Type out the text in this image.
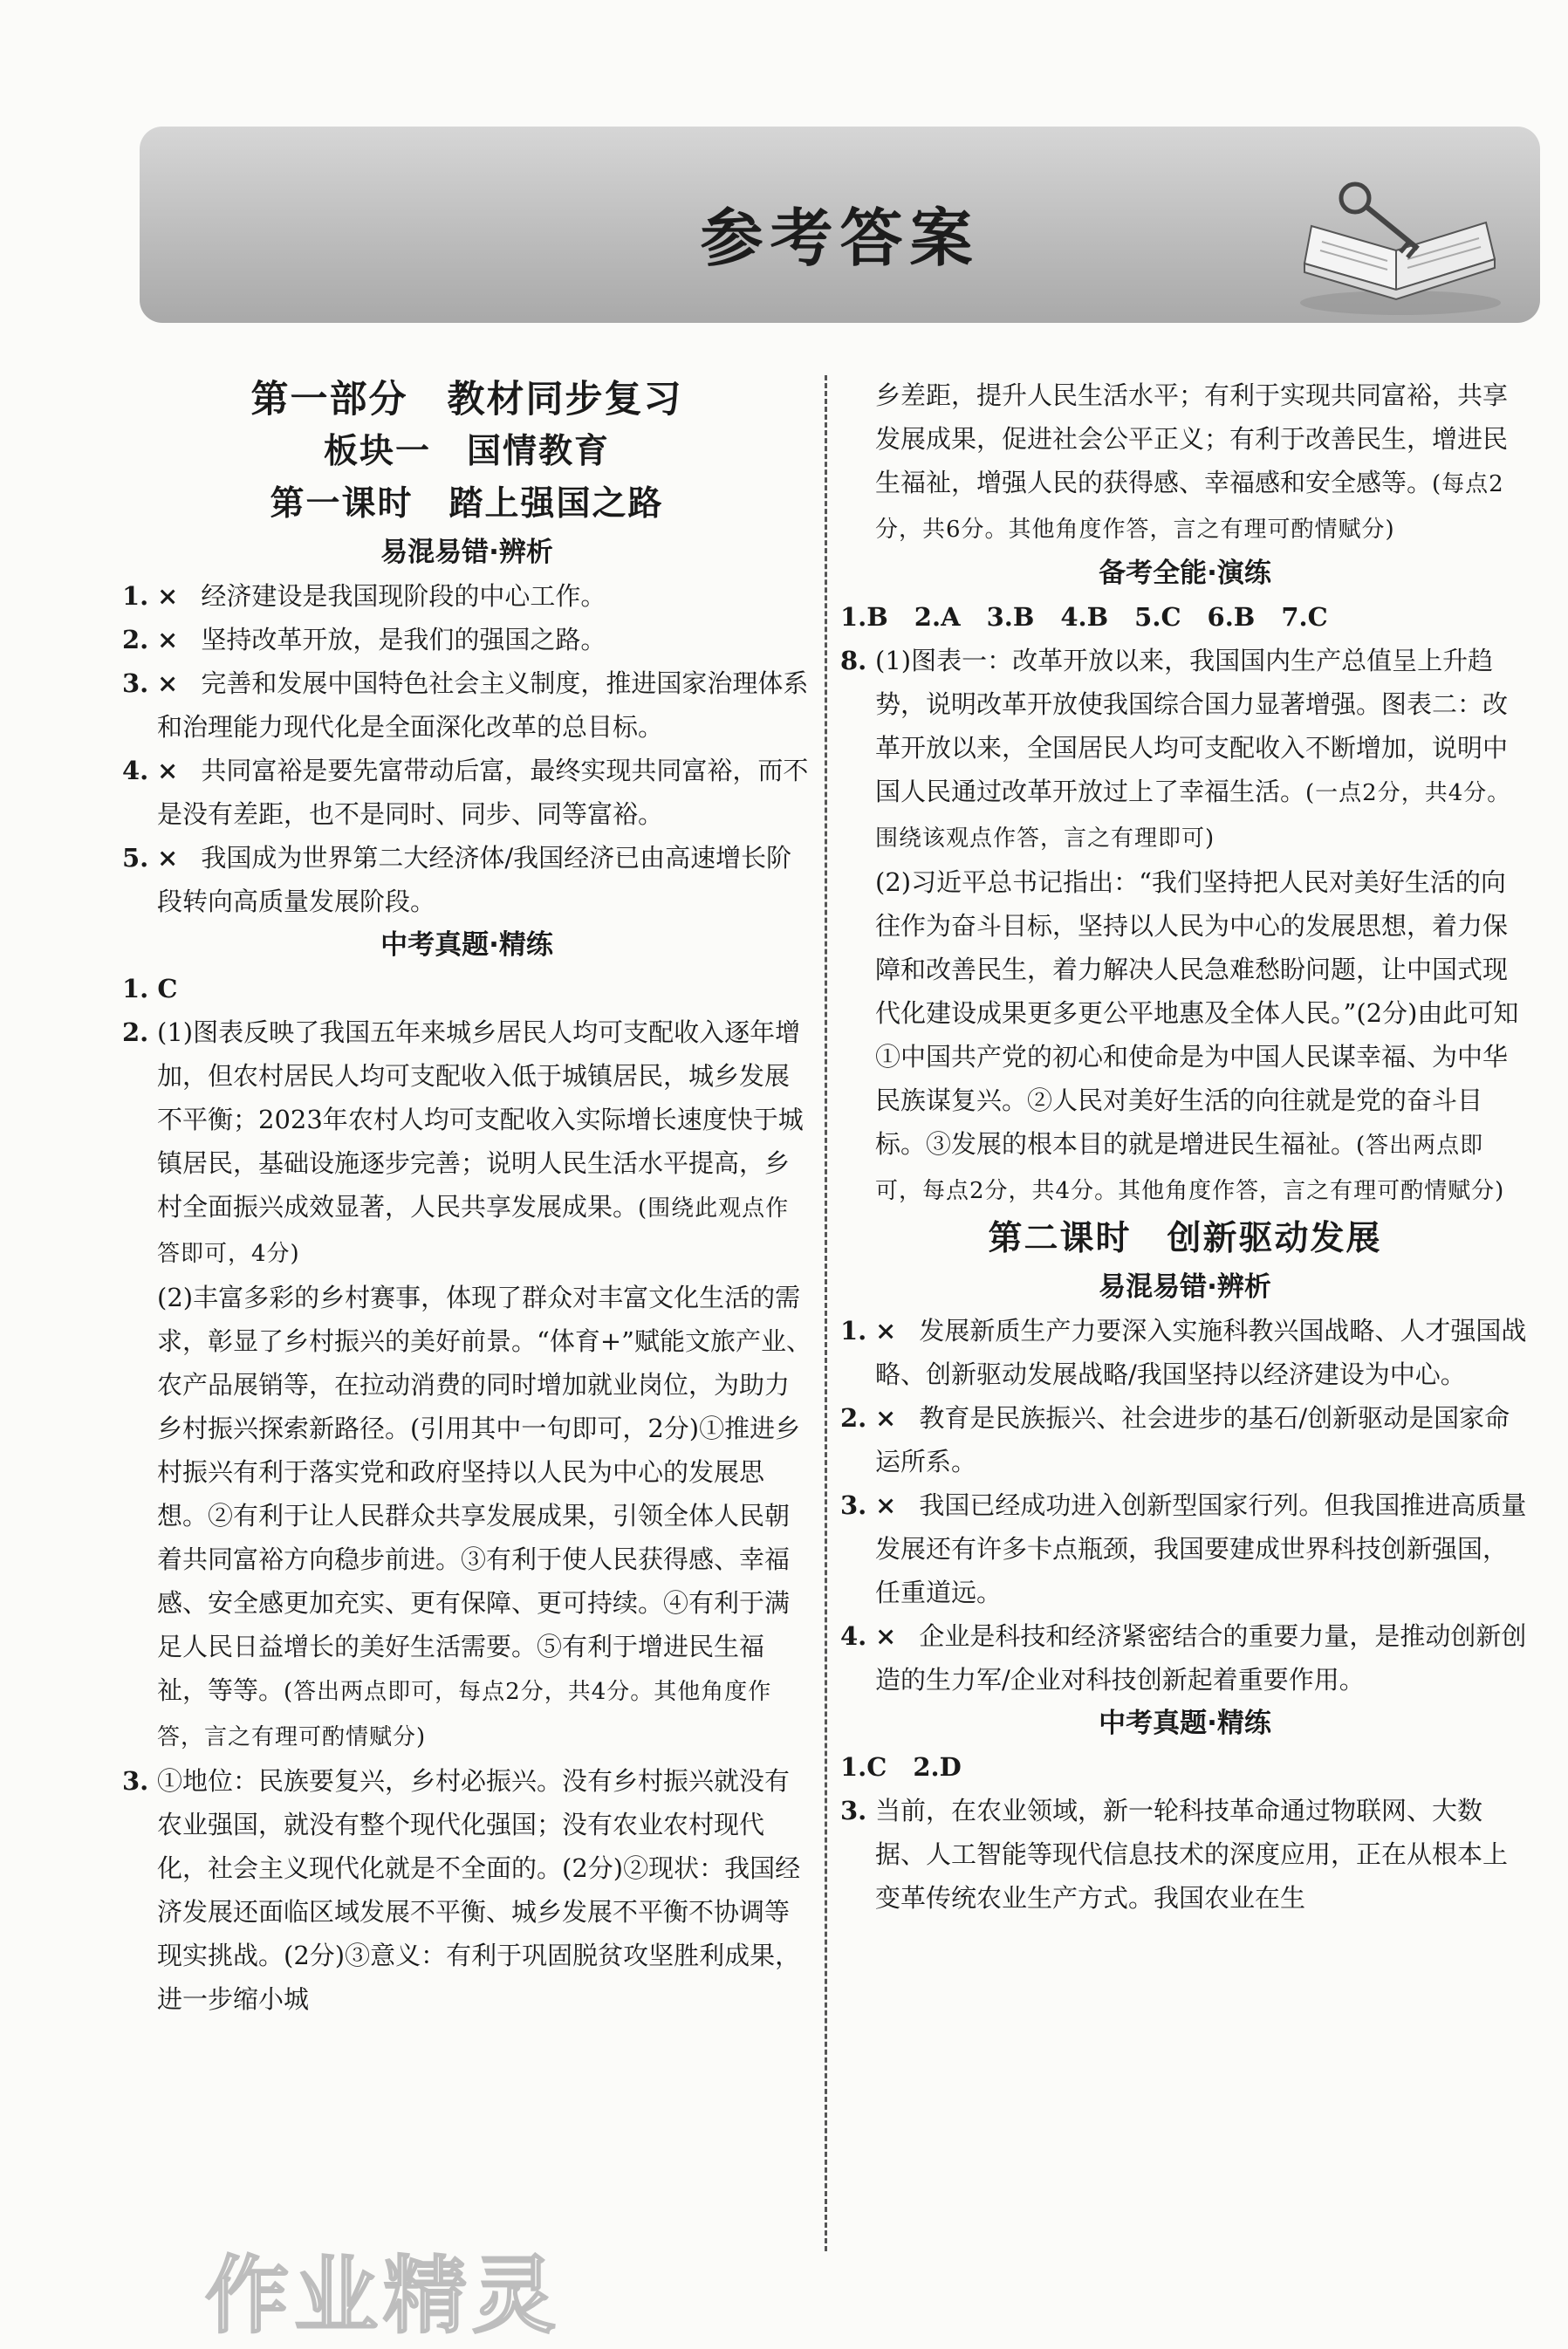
参考答案

第一部分　教材同步复习

板块一　国情教育

第一课时　踏上强国之路

易混易错·辨析

1. × 经济建设是我国现阶段的中心工作。
2. × 坚持改革开放，是我们的强国之路。
3. × 完善和发展中国特色社会主义制度，推进国家治理体系和治理能力现代化是全面深化改革的总目标。
4. × 共同富裕是要先富带动后富，最终实现共同富裕，而不是没有差距，也不是同时、同步、同等富裕。
5. × 我国成为世界第二大经济体/我国经济已由高速增长阶段转向高质量发展阶段。

中考真题·精练

1. C

2. (1)图表反映了我国五年来城乡居民人均可支配收入逐年增加，但农村居民人均可支配收入低于城镇居民，城乡发展不平衡；2023年农村人均可支配收入实际增长速度快于城镇居民，基础设施逐步完善；说明人民生活水平提高，乡村全面振兴成效显著，人民共享发展成果。(围绕此观点作答即可，4分)
(2)丰富多彩的乡村赛事，体现了群众对丰富文化生活的需求，彰显了乡村振兴的美好前景。“体育+”赋能文旅产业、农产品展销等，在拉动消费的同时增加就业岗位，为助力乡村振兴探索新路径。(引用其中一句即可，2分)①推进乡村振兴有利于落实党和政府坚持以人民为中心的发展思想。②有利于让人民群众共享发展成果，引领全体人民朝着共同富裕方向稳步前进。③有利于使人民获得感、幸福感、安全感更加充实、更有保障、更可持续。④有利于满足人民日益增长的美好生活需要。⑤有利于增进民生福祉，等等。(答出两点即可，每点2分，共4分。其他角度作答，言之有理可酌情赋分)
3. ①地位：民族要复兴，乡村必振兴。没有乡村振兴就没有农业强国，就没有整个现代化强国；没有农业农村现代化，社会主义现代化就是不全面的。(2分)②现状：我国经济发展还面临区域发展不平衡、城乡发展不平衡不协调等现实挑战。(2分)③意义：有利于巩固脱贫攻坚胜利成果，进一步缩小城
乡差距，提升人民生活水平；有利于实现共同富裕，共享发展成果，促进社会公平正义；有利于改善民生，增进民生福祉，增强人民的获得感、幸福感和安全感等。(每点2分，共6分。其他角度作答，言之有理可酌情赋分)

备考全能·演练

1.B 2.A 3.B 4.B 5.C 6.B 7.C

8. (1)图表一：改革开放以来，我国国内生产总值呈上升趋势，说明改革开放使我国综合国力显著增强。图表二：改革开放以来，全国居民人均可支配收入不断增加，说明中国人民通过改革开放过上了幸福生活。(一点2分，共4分。围绕该观点作答，言之有理即可)
(2)习近平总书记指出：“我们坚持把人民对美好生活的向往作为奋斗目标，坚持以人民为中心的发展思想，着力保障和改善民生，着力解决人民急难愁盼问题，让中国式现代化建设成果更多更公平地惠及全体人民。”(2分)由此可知①中国共产党的初心和使命是为中国人民谋幸福、为中华民族谋复兴。②人民对美好生活的向往就是党的奋斗目标。③发展的根本目的就是增进民生福祉。(答出两点即可，每点2分，共4分。其他角度作答，言之有理可酌情赋分)

第二课时　创新驱动发展

易混易错·辨析

1. × 发展新质生产力要深入实施科教兴国战略、人才强国战略、创新驱动发展战略/我国坚持以经济建设为中心。
2. × 教育是民族振兴、社会进步的基石/创新驱动是国家命运所系。
3. × 我国已经成功进入创新型国家行列。但我国推进高质量发展还有许多卡点瓶颈，我国要建成世界科技创新强国，任重道远。
4. × 企业是科技和经济紧密结合的重要力量，是推动创新创造的生力军/企业对科技创新起着重要作用。

中考真题·精练

1.C 2.D

3. 当前，在农业领域，新一轮科技革命通过物联网、大数据、人工智能等现代信息技术的深度应用，正在从根本上变革传统农业生产方式。我国农业在生
作业精灵
